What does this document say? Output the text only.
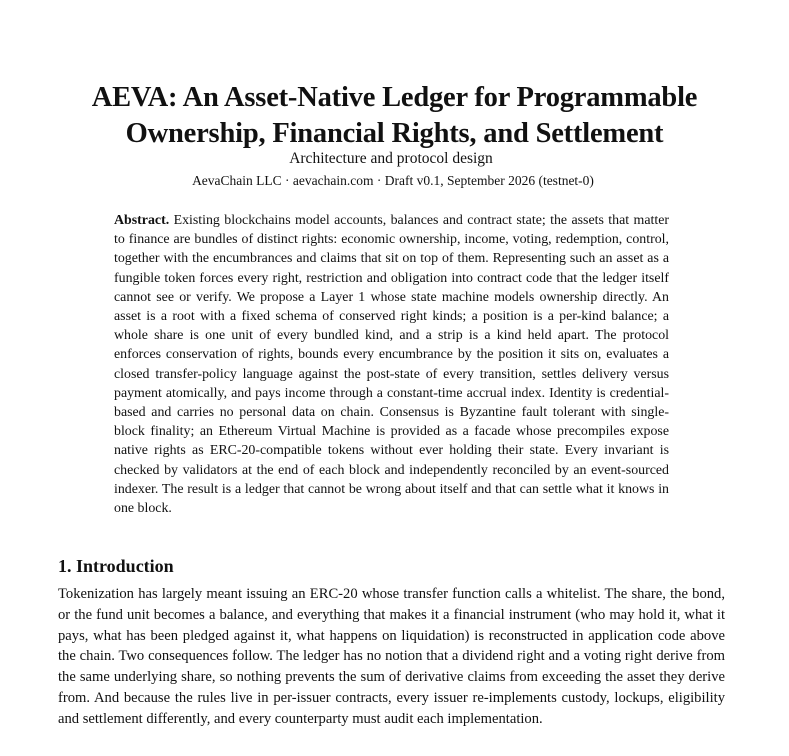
AEVA: An Asset-Native Ledger for Programmable Ownership, Financial Rights, and Settlement
Architecture and protocol design
AevaChain LLC · aevachain.com · Draft v0.1, September 2026 (testnet-0)

Abstract. Existing blockchains model accounts, balances and contract state; the assets that matter to finance are bundles of distinct rights: economic ownership, income, voting, redemption, control, together with the encumbrances and claims that sit on top of them. Representing such an asset as a fungible token forces every right, restriction and obligation into contract code that the ledger itself cannot see or verify. We propose a Layer 1 whose state machine models ownership directly. An asset is a root with a fixed schema of conserved right kinds; a position is a per-kind balance; a whole share is one unit of every bundled kind, and a strip is a kind held apart. The protocol enforces conservation of rights, bounds every encumbrance by the position it sits on, evaluates a closed transfer-policy language against the post-state of every transition, settles delivery versus payment atomically, and pays income through a constant-time accrual index. Identity is credential-based and carries no personal data on chain. Consensus is Byzantine fault tolerant with single-block finality; an Ethereum Virtual Machine is provided as a facade whose precompiles expose native rights as ERC-20-compatible tokens without ever holding their state. Every invariant is checked by validators at the end of each block and independently reconciled by an event-sourced indexer. The result is a ledger that cannot be wrong about itself and that can settle what it knows in one block.

1. Introduction

Tokenization has largely meant issuing an ERC-20 whose transfer function calls a whitelist. The share, the bond, or the fund unit becomes a balance, and everything that makes it a financial instrument (who may hold it, what it pays, what has been pledged against it, what happens on liquidation) is reconstructed in application code above the chain. Two consequences follow. The ledger has no notion that a dividend right and a voting right derive from the same underlying share, so nothing prevents the sum of derivative claims from exceeding the asset they derive from. And because the rules live in per-issuer contracts, every issuer re-implements custody, lockups, eligibility and settlement differently, and every counterparty must audit each implementation.
